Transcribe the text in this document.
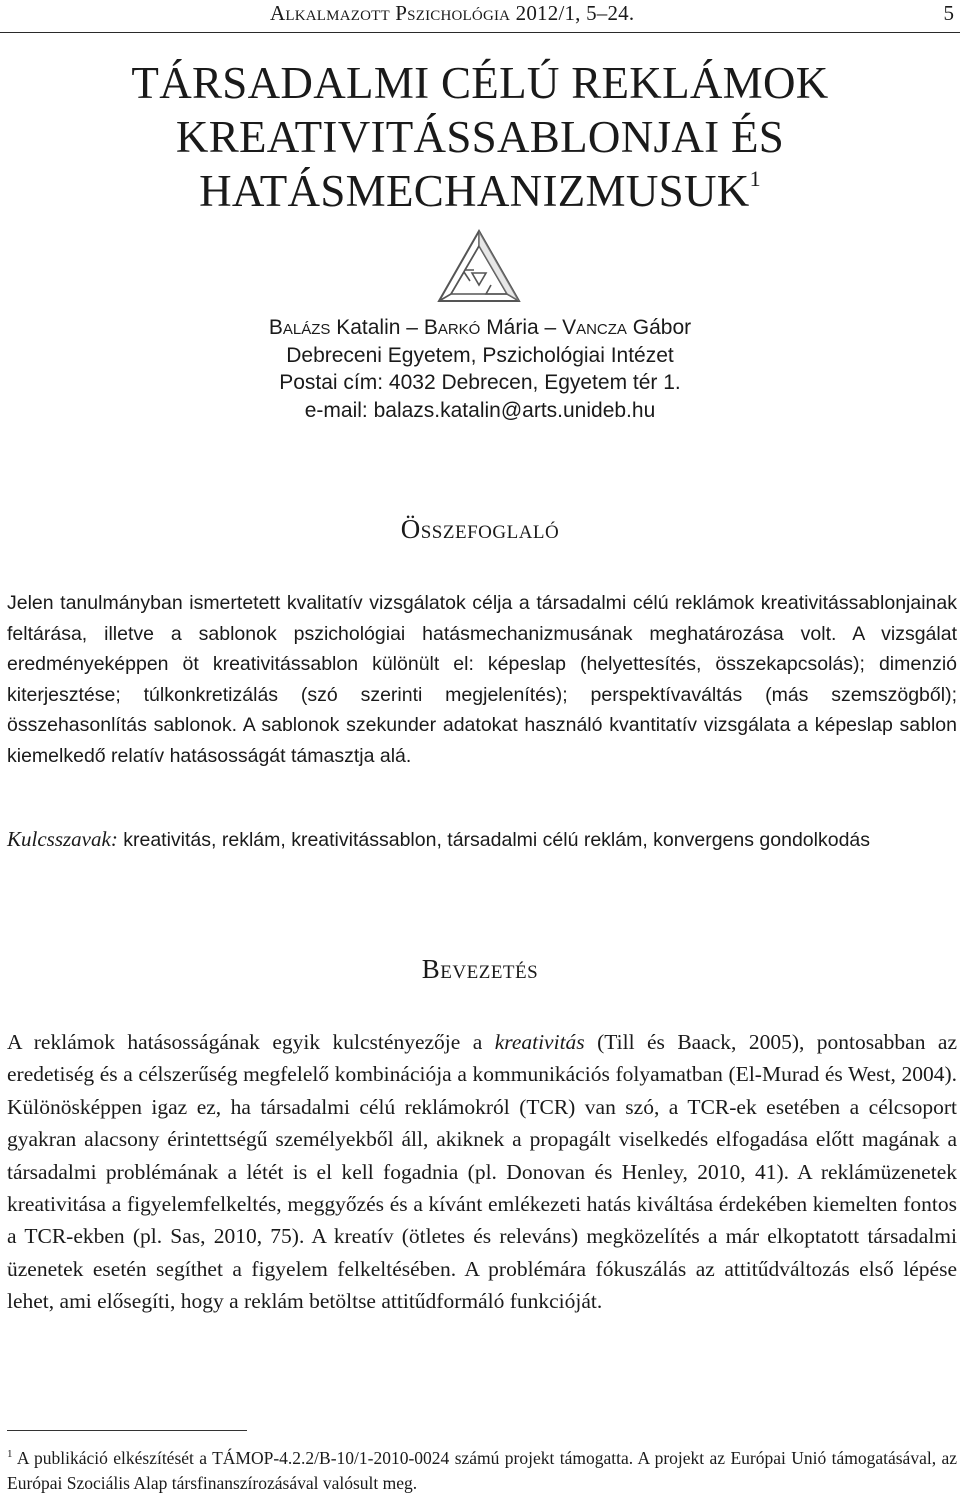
Alkalmazott Pszichológia 2012/1, 5–24.	5
TÁRSADALMI CÉLÚ REKLÁMOK
KREATIVITÁSSABLONJAI ÉS
HATÁSMECHANIZMUSUK$^1$
Balázs Katalin – Barkó Mária – Vancza Gábor
Debreceni Egyetem, Pszichológiai Intézet
Postai cím: 4032 Debrecen, Egyetem tér 1.
e-mail: balazs.katalin@arts.unideb.hu
Összefoglaló

Jelen tanulmányban ismertetett kvalitatív vizsgálatok célja a társadalmi célú reklámok kreativitássablonjainak feltárása, illetve a sablonok pszichológiai hatásmechanizmusának meghatározása volt. A vizsgálat eredményeképpen öt kreativitássablon különült el: képeslap (helyettesítés, összekapcsolás); dimenzió kiterjesztése; túlkonkretizálás (szó szerinti megjelenítés); perspektívaváltás (más szemszögből); összehasonlítás sablonok. A sablonok szekunder adatokat használó kvantitatív vizsgálata a képeslap sablon kiemelkedő relatív hatásosságát támasztja alá.

Kulcsszavak: kreativitás, reklám, kreativitássablon, társadalmi célú reklám, konvergens gondolkodás

Bevezetés

A reklámok hatásosságának egyik kulcstényezője a kreativitás (Till és Baack, 2005), pontosabban az eredetiség és a célszerűség megfelelő kombinációja a kommunikációs folyamatban (El-Murad és West, 2004). Különösképpen igaz ez, ha társadalmi célú reklámokról (TCR) van szó, a TCR-ek esetében a célcsoport gyakran alacsony érintettségű személyekből áll, akiknek a propagált viselkedés elfogadása előtt magának a társadalmi problémának a létét is el kell fogadnia (pl. Donovan és Henley, 2010, 41). A reklámüzenetek kreativitása a figyelemfelkeltés, meggyőzés és a kívánt emlékezeti hatás kiváltása érdekében kiemelten fontos a TCR-ekben (pl. Sas, 2010, 75). A kreatív (ötletes és releváns) megközelítés a már elkoptatott társadalmi üzenetek esetén segíthet a figyelem felkeltésében. A problémára fókuszálás az attitűdváltozás első lépése lehet, ami elősegíti, hogy a reklám betöltse attitűdformáló funkcióját.

$^1$ A publikáció elkészítését a TÁMOP-4.2.2/B-10/1-2010-0024 számú projekt támogatta. A projekt az Európai Unió támogatásával, az Európai Szociális Alap társfinanszírozásával valósult meg.
